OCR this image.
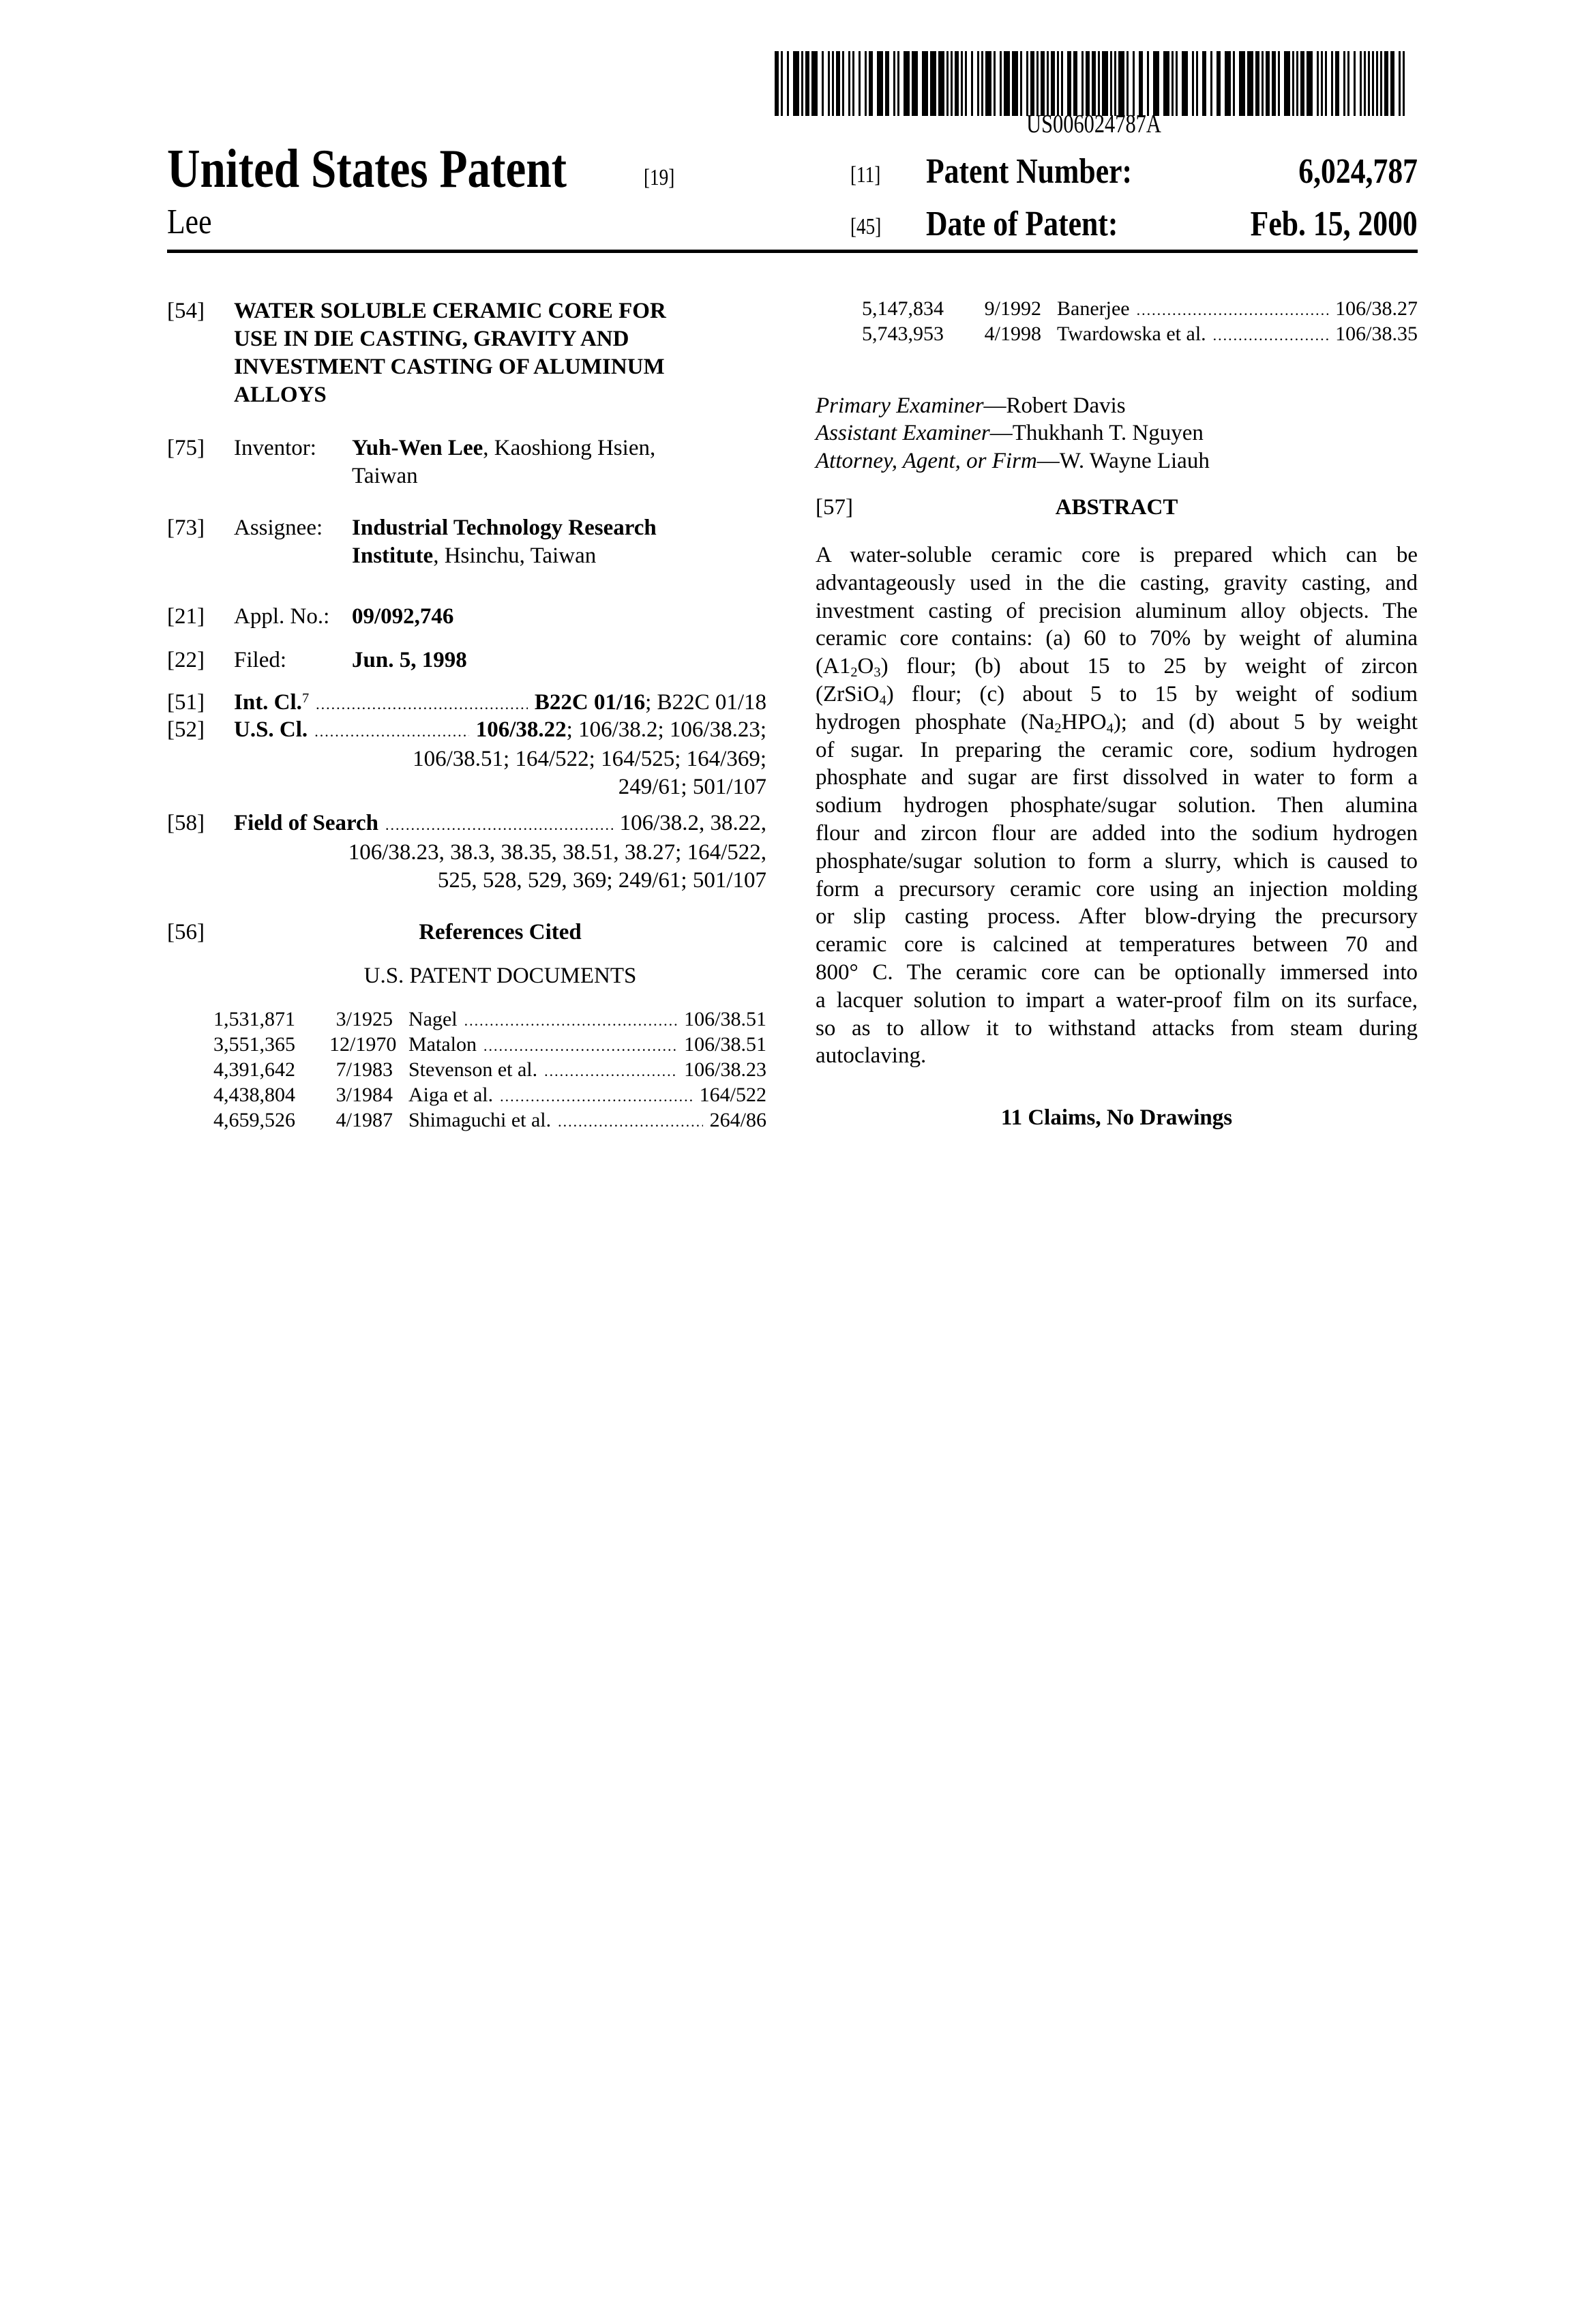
US006024787A
United States Patent	[19]
Lee
[11] Patent Number:	6,024,787
[45] Date of Patent:	Feb. 15, 2000
[54] WATER SOLUBLE CERAMIC CORE FOR
USE IN DIE CASTING, GRAVITY AND
INVESTMENT CASTING OF ALUMINUM
ALLOYS
[75] Inventor: Yuh-Wen Lee, Kaoshiong Hsien,
Taiwan
[73] Assignee: Industrial Technology Research
Institute, Hsinchu, Taiwan
[21] Appl. No.: 09/092,746
[22] Filed:	Jun. 5, 1998
[51] Int. Cl.7
.....	B22C 01/16; B22C 01/18
[52] U.S. Cl.
.....	106/38.22; 106/38.2; 106/38.23;
106/38.51; 164/522; 164/525; 164/369;
249/61; 501/107
[58] Field of Search
.....	106/38.2, 38.22,
106/38.23, 38.3, 38.35, 38.51, 38.27; 164/522,
525, 528, 529, 369; 249/61; 501/107
[56]	References Cited
U.S. PATENT DOCUMENTS
1,531,871	3/1925 Nagel
.....	106/38.51
3,551,365	12/1970 Matalon
.....	106/38.51
4,391,642	7/1983 Stevenson et al.
.....	106/38.23
4,438,804	3/1984 Aiga et al.
.....	164/522
4,659,526	4/1987 Shimaguchi et al.
.....	264/86
5,147,834	9/1992 Banerjee
.....	106/38.27
5,743,953	4/1998 Twardowska et al.
.....	106/38.35
Primary Examiner—Robert Davis
Assistant Examiner—Thukhanh T. Nguyen
Attorney, Agent, or Firm—W. Wayne Liauh
[57]	ABSTRACT
A water-soluble ceramic core is prepared which can be
advantageously used in the die casting, gravity casting, and
investment casting of precision aluminum alloy objects. The
ceramic core contains: (a) 60 to 70% by weight of alumina
(A12O3) flour; (b) about 15 to 25 by weight of zircon
(ZrSiO4) flour; (c) about 5 to 15 by weight of sodium
hydrogen phosphate (Na2HPO4); and (d) about 5 by weight
of sugar. In preparing the ceramic core, sodium hydrogen
phosphate and sugar are first dissolved in water to form a
sodium hydrogen phosphate/sugar solution. Then alumina
flour and zircon flour are added into the sodium hydrogen
phosphate/sugar solution to form a slurry, which is caused to
form a precursory ceramic core using an injection molding
or slip casting process. After blow-drying the precursory
ceramic core is calcined at temperatures between 70 and
800° C. The ceramic core can be optionally immersed into
a lacquer solution to impart a water-proof film on its surface,
so as to allow it to withstand attacks from steam during
autoclaving.
11 Claims, No Drawings
